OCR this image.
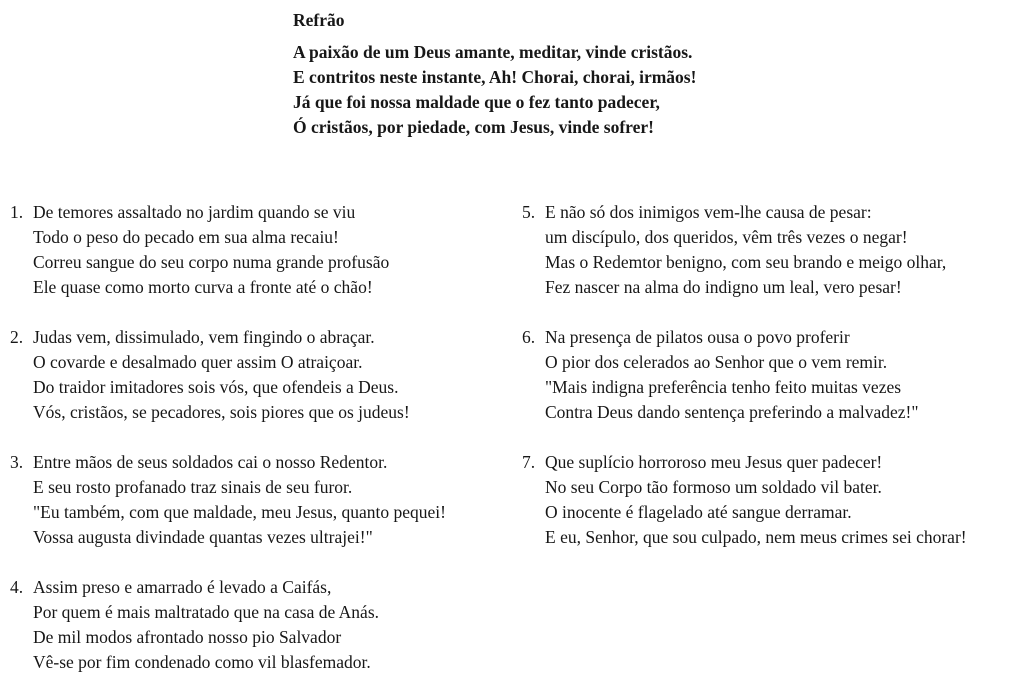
Refrão
A paixão de um Deus amante, meditar, vinde cristãos.
E contritos neste instante, Ah! Chorai, chorai, irmãos!
Já que foi nossa maldade que o fez tanto padecer,
Ó cristãos, por piedade, com Jesus, vinde sofrer!
1. De temores assaltado no jardim quando se viu
Todo o peso do pecado em sua alma recaiu!
Correu sangue do seu corpo numa grande profusão
Ele quase como morto curva a fronte até o chão!
2. Judas vem, dissimulado, vem fingindo o abraçar.
O covarde e desalmado quer assim O atraiçoar.
Do traidor imitadores sois vós, que ofendeis a Deus.
Vós, cristãos, se pecadores, sois piores que os judeus!
3. Entre mãos de seus soldados cai o nosso Redentor.
E seu rosto profanado traz sinais de seu furor.
"Eu também, com que maldade, meu Jesus, quanto pequei!
Vossa augusta divindade quantas vezes ultrajei!"
4. Assim preso e amarrado é levado a Caifás,
Por quem é mais maltratado que na casa de Anás.
De mil modos afrontado nosso pio Salvador
Vê-se por fim condenado como vil blasfemador.
5. E não só dos inimigos vem-lhe causa de pesar:
um discípulo, dos queridos, vêm três vezes o negar!
Mas o Redemtor benigno, com seu brando e meigo olhar,
Fez nascer na alma do indigno um leal, vero pesar!
6. Na presença de pilatos ousa o povo proferir
O pior dos celerados ao Senhor que o vem remir.
"Mais indigna preferência tenho feito muitas vezes
Contra Deus dando sentença preferindo a malvadez!"
7. Que suplício horroroso meu Jesus quer padecer!
No seu Corpo tão formoso um soldado vil bater.
O inocente é flagelado até sangue derramar.
E eu, Senhor, que sou culpado, nem meus crimes sei chorar!
